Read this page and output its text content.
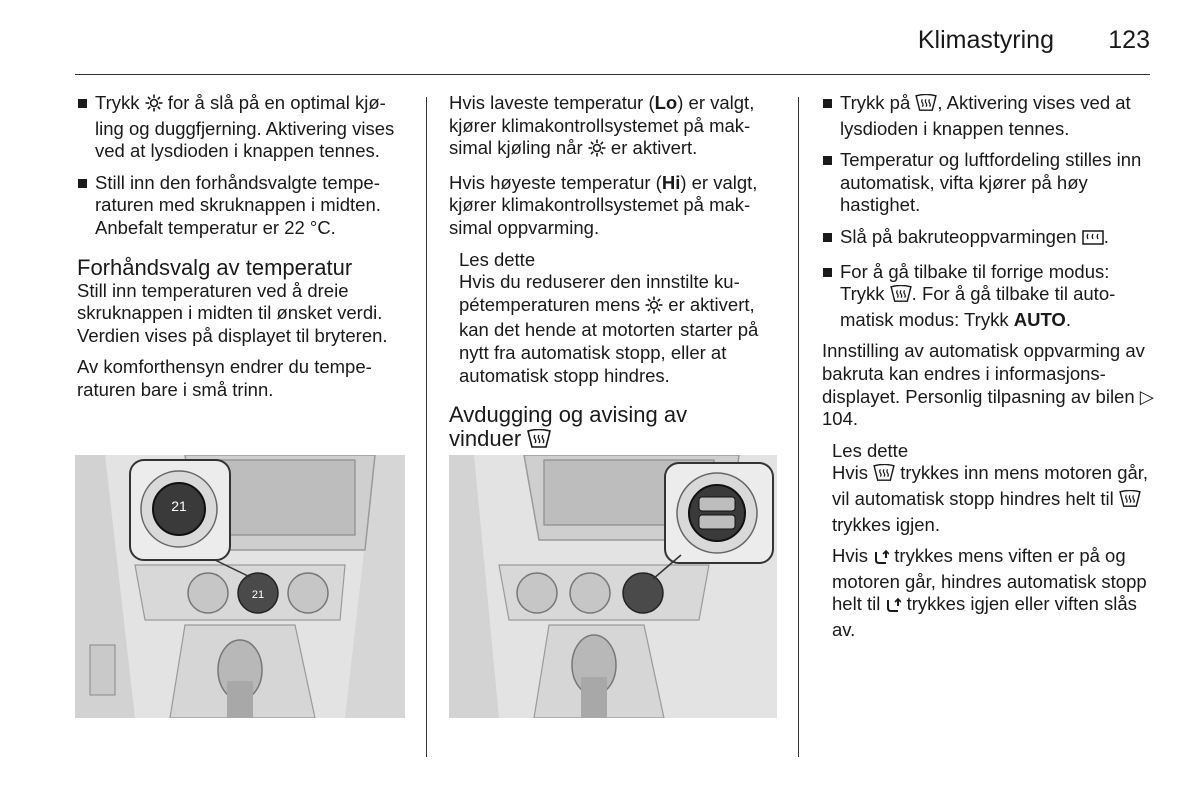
Klimastyring 123
Trykk  for å slå på en optimal kjøling og duggfjerning. Aktivering vises ved at lysdioden i knappen tennes.
Still inn den forhåndsvalgte temperaturen med skruknappen i midten. Anbefalt temperatur er 22 °C.
Forhåndsvalg av temperatur

Still inn temperaturen ved å dreie skruknappen i midten til ønsket verdi. Verdien vises på displayet til bryteren.

Av komforthensyn endrer du temperaturen bare i små trinn.

21
21

Hvis laveste temperatur (Lo) er valgt, kjører klimakontrollsystemet på maksimal kjøling når  er aktivert.

Hvis høyeste temperatur (Hi) er valgt, kjører klimakontrollsystemet på maksimal oppvarming.

Les dette
Hvis du reduserer den innstilte kupétemperaturen mens  er aktivert, kan det hende at motorten starter på nytt fra automatisk stopp, eller at automatisk stopp hindres.
Avdugging og avising av
vinduer
Trykk på , Aktivering vises ved at lysdioden i knappen tennes.
Temperatur og luftfordeling stilles inn automatisk, vifta kjører på høy hastighet.
Slå på bakruteoppvarmingen .
For å gå tilbake til forrige modus: Trykk . For å gå tilbake til automatisk modus: Trykk AUTO.

Innstilling av automatisk oppvarming av bakruta kan endres i informasjonsdisplayet. Personlig tilpasning av bilen ▷ 104.

Les dette
Hvis  trykkes inn mens motoren går, vil automatisk stopp hindres helt til  trykkes igjen.

Hvis  trykkes mens viften er på og motoren går, hindres automatisk stopp helt til  trykkes igjen eller viften slås av.
